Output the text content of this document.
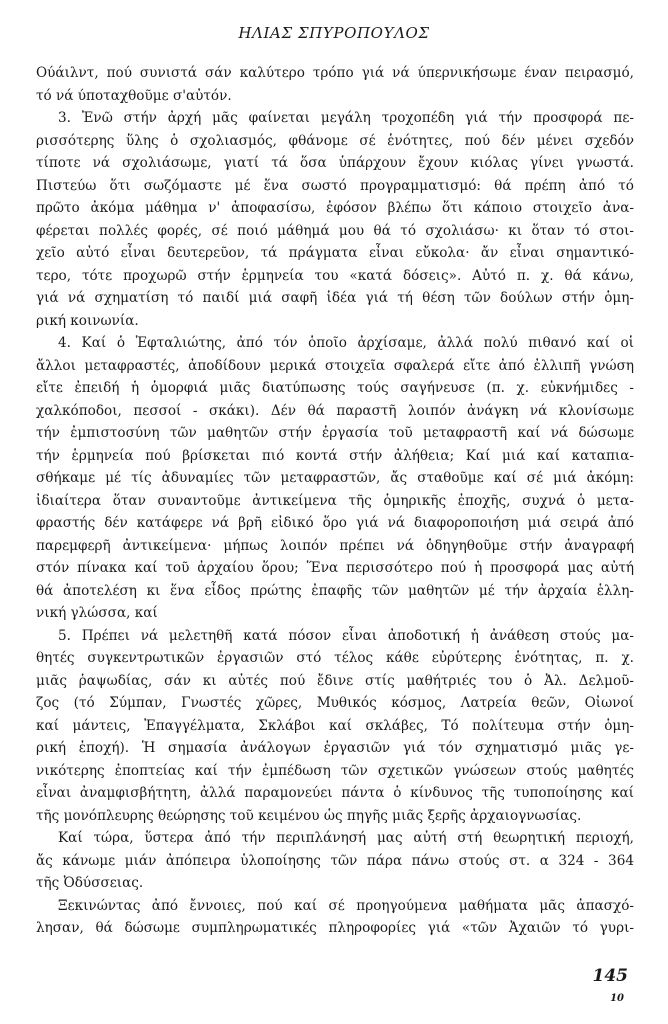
ΗΛΙΑΣ ΣΠΥΡΟΠΟΥΛΟΣ
Ούάιλντ, πού συνιστά σάν καλύτερο τρόπο γιά νά ύπερνικήσωμε έναν πειρασμό,
τό νά ύποταχθοῦμε σ'αὐτόν.
3. Ἐνῶ στήν ἀρχή μᾶς φαίνεται μεγάλη τροχοπέδη γιά τήν προσφορά πε-
ρισσότερης ὕλης ὁ σχολιασμός, φθάνομε σέ ἑνότητες, πού δέν μένει σχεδόν
τίποτε νά σχολιάσωμε, γιατί τά ὅσα ὑπάρχουν ἔχουν κιόλας γίνει γνωστά.
Πιστεύω ὅτι σωζόμαστε μέ ἕνα σωστό προγραμματισμό: θά πρέπη ἀπό τό
πρῶτο ἀκόμα μάθημα ν' ἀποφασίσω, ἐφόσον βλέπω ὅτι κάποιο στοιχεῖο ἀνα-
φέρεται πολλές φορές, σέ ποιό μάθημά μου θά τό σχολιάσω· κι ὅταν τό στοι-
χεῖο αὐτό εἶναι δευτερεῦον, τά πράγματα εἶναι εὔκολα· ἄν εἶναι σημαντικό-
τερο, τότε προχωρῶ στήν ἑρμηνεία του «κατά δόσεις». Αὐτό π. χ. θά κάνω,
γιά νά σχηματίση τό παιδί μιά σαφῆ ἰδέα γιά τή θέση τῶν δούλων στήν ὁμη-
ρική κοινωνία.
4. Καί ὁ Ἐφταλιώτης, ἀπό τόν ὁποῖο ἀρχίσαμε, ἀλλά πολύ πιθανό καί οἱ
ἄλλοι μεταφραστές, ἀποδίδουν μερικά στοιχεῖα σφαλερά εἴτε ἀπό ἐλλιπῆ γνώση
εἴτε ἐπειδή ἡ ὁμορφιά μιᾶς διατύπωσης τούς σαγήνευσε (π. χ. εὐκνήμιδες -
χαλκόποδοι, πεσσοί - σκάκι). Δέν θά παραστῆ λοιπόν ἀνάγκη νά κλονίσωμε
τήν ἐμπιστοσύνη τῶν μαθητῶν στήν ἐργασία τοῦ μεταφραστῆ καί νά δώσωμε
τήν ἑρμηνεία πού βρίσκεται πιό κοντά στήν ἀλήθεια; Καί μιά καί καταπια-
σθήκαμε μέ τίς ἀδυναμίες τῶν μεταφραστῶν, ἄς σταθοῦμε καί σέ μιά ἀκόμη:
ἰδιαίτερα ὅταν συναντοῦμε ἀντικείμενα τῆς ὁμηρικῆς ἐποχῆς, συχνά ὁ μετα-
φραστής δέν κατάφερε νά βρῆ εἰδικό ὅρο γιά νά διαφοροποιήση μιά σειρά ἀπό
παρεμφερῆ ἀντικείμενα· μήπως λοιπόν πρέπει νά ὁδηγηθοῦμε στήν ἀναγραφή
στόν πίνακα καί τοῦ ἀρχαίου ὅρου; Ἕνα περισσότερο πού ἡ προσφορά μας αὐτή
θά ἀποτελέση κι ἕνα εἶδος πρώτης ἐπαφῆς τῶν μαθητῶν μέ τήν ἀρχαία ἑλλη-
νική γλώσσα, καί
5. Πρέπει νά μελετηθῆ κατά πόσον εἶναι ἀποδοτική ἡ ἀνάθεση στούς μα-
θητές συγκεντρωτικῶν ἐργασιῶν στό τέλος κάθε εὐρύτερης ἑνότητας, π. χ.
μιᾶς ῥαψωδίας, σάν κι αὐτές πού ἔδινε στίς μαθήτριές του ὁ Ἀλ. Δελμοῦ-
ζος (τό Σύμπαν, Γνωστές χῶρες, Μυθικός κόσμος, Λατρεία θεῶν, Οἰωνοί
καί μάντεις, Ἐπαγγέλματα, Σκλάβοι καί σκλάβες, Τό πολίτευμα στήν ὁμη-
ρική ἐποχή). Ἡ σημασία ἀνάλογων ἐργασιῶν γιά τόν σχηματισμό μιᾶς γε-
νικότερης ἐποπτείας καί τήν ἐμπέδωση τῶν σχετικῶν γνώσεων στούς μαθητές
εἶναι ἀναμφισβήτητη, ἀλλά παραμονεύει πάντα ὁ κίνδυνος τῆς τυποποίησης καί
τῆς μονόπλευρης θεώρησης τοῦ κειμένου ὡς πηγῆς μιᾶς ξερῆς ἀρχαιογνωσίας.
Καί τώρα, ὕστερα ἀπό τήν περιπλάνησή μας αὐτή στή θεωρητική περιοχή,
ἄς κάνωμε μιάν ἀπόπειρα ὑλοποίησης τῶν πάρα πάνω στούς στ. α 324 - 364
τῆς Ὀδύσσειας.
Ξεκινώντας ἀπό ἔννοιες, πού καί σέ προηγούμενα μαθήματα μᾶς ἀπασχό-
λησαν, θά δώσωμε συμπληρωματικές πληροφορίες γιά «τῶν Ἀχαιῶν τό γυρι-
145
10
